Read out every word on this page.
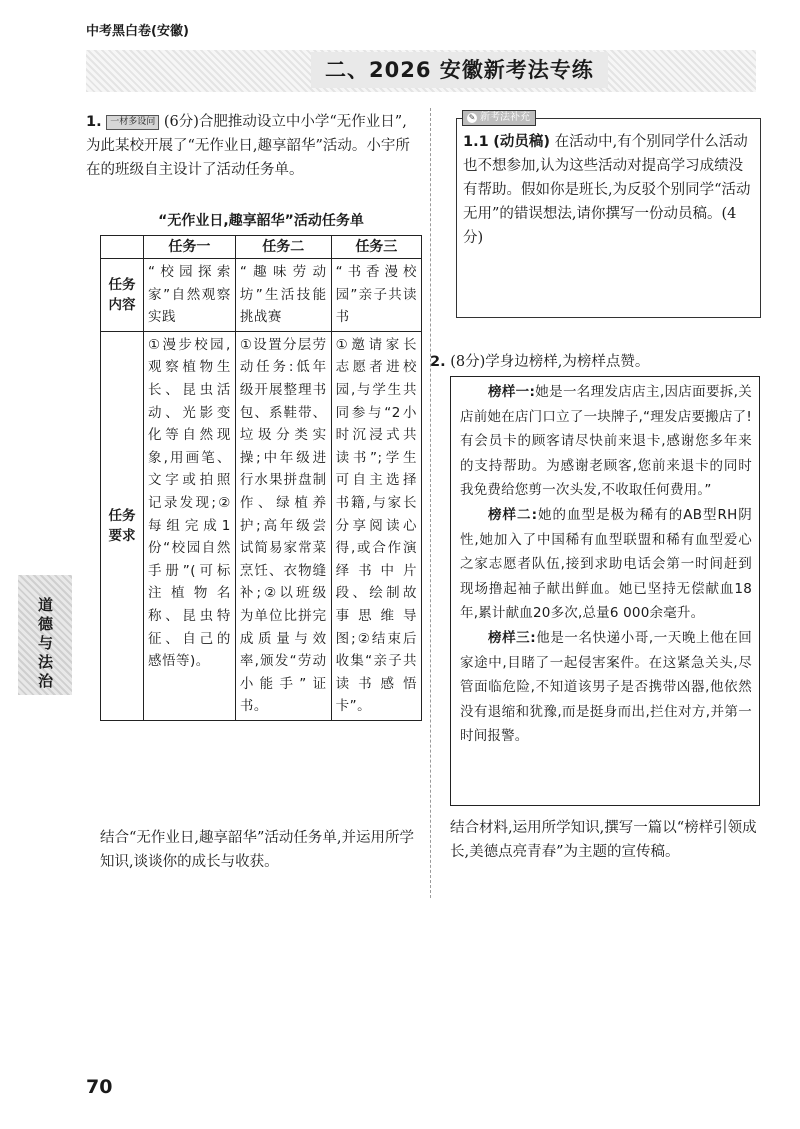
中考黑白卷(安徽)
二、2026 安徽新考法专练
道德与法治
1. 一材多设问 (6分)合肥推动设立中小学“无作业日”,为此某校开展了“无作业日,趣享韶华”活动。小宇所在的班级自主设计了活动任务单。
“无作业日,趣享韶华”活动任务单
	任务一	任务二	任务三
任务内容	“校园探索家”自然观察实践	“趣味劳动坊”生活技能挑战赛	“书香漫校园”亲子共读书
任务要求	①漫步校园,观察植物生长、昆虫活动、光影变化等自然现象,用画笔、文字或拍照记录发现;②每组完成1份“校园自然手册”(可标注植物名称、昆虫特征、自己的感悟等)。	①设置分层劳动任务:低年级开展整理书包、系鞋带、垃圾分类实操;中年级进行水果拼盘制作、绿植养护;高年级尝试简易家常菜烹饪、衣物缝补;②以班级为单位比拼完成质量与效率,颁发“劳动小能手”证书。	①邀请家长志愿者进校园,与学生共同参与“2小时沉浸式共读书”;学生可自主选择书籍,与家长分享阅读心得,或合作演绎书中片段、绘制故事思维导图;②结束后收集“亲子共读书感悟卡”。
结合“无作业日,趣享韶华”活动任务单,并运用所学知识,谈谈你的成长与收获。
✎ 新考法补充
1.1 (动员稿) 在活动中,有个别同学什么活动也不想参加,认为这些活动对提高学习成绩没有帮助。假如你是班长,为反驳个别同学“活动无用”的错误想法,请你撰写一份动员稿。(4分)
2. (8分)学身边榜样,为榜样点赞。

榜样一:她是一名理发店店主,因店面要拆,关店前她在店门口立了一块牌子,“理发店要搬店了!有会员卡的顾客请尽快前来退卡,感谢您多年来的支持帮助。为感谢老顾客,您前来退卡的同时我免费给您剪一次头发,不收取任何费用。”

榜样二:她的血型是极为稀有的AB型RH阴性,她加入了中国稀有血型联盟和稀有血型爱心之家志愿者队伍,接到求助电话会第一时间赶到现场撸起袖子献出鲜血。她已坚持无偿献血18年,累计献血20多次,总量6 000余毫升。

榜样三:他是一名快递小哥,一天晚上他在回家途中,目睹了一起侵害案件。在这紧急关头,尽管面临危险,不知道该男子是否携带凶器,他依然没有退缩和犹豫,而是挺身而出,拦住对方,并第一时间报警。

结合材料,运用所学知识,撰写一篇以“榜样引领成长,美德点亮青春”为主题的宣传稿。
70
